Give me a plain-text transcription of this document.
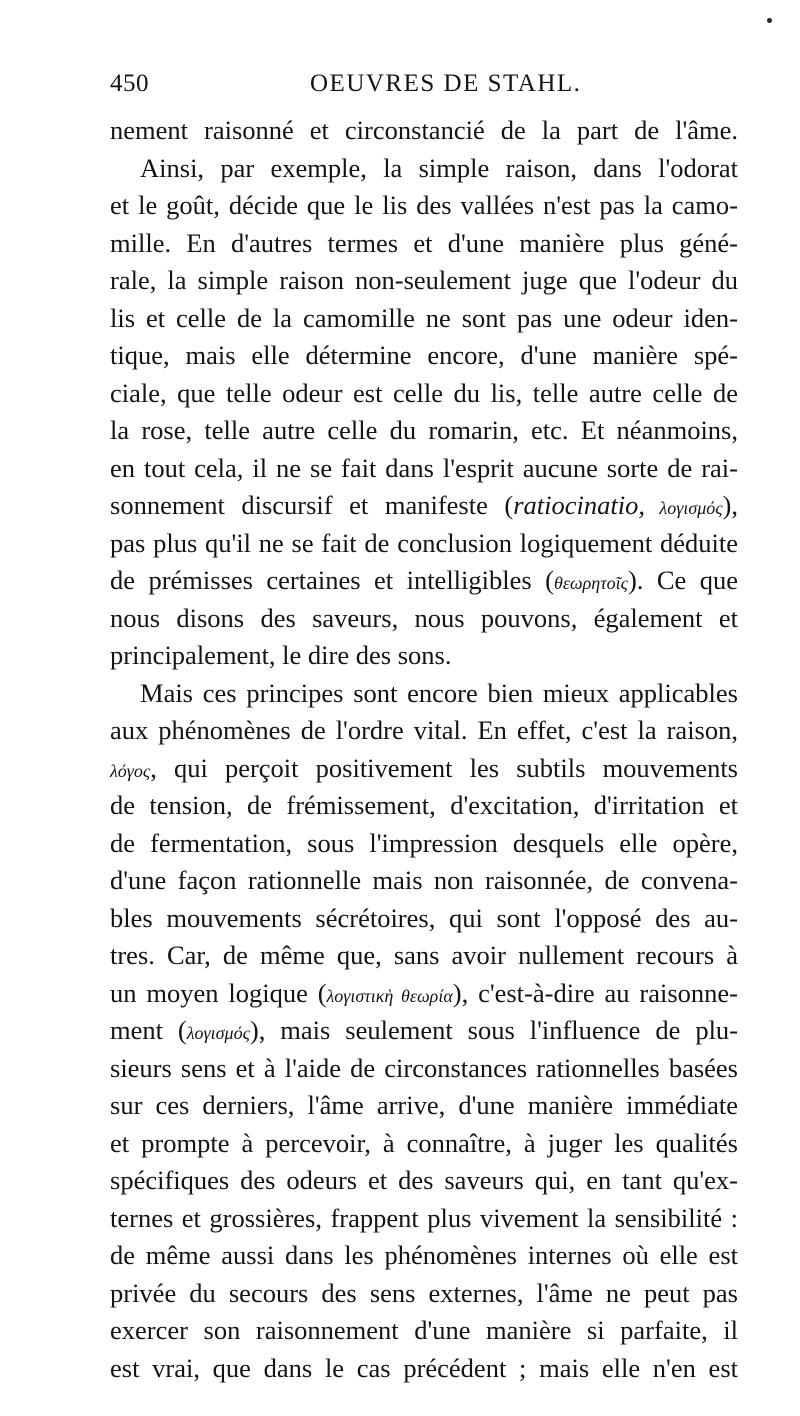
450	OEUVRES DE STAHL.
nement raisonné et circonstancié de la part de l'âme.
Ainsi, par exemple, la simple raison, dans l'odorat
et le goût, décide que le lis des vallées n'est pas la camo-
mille. En d'autres termes et d'une manière plus géné-
rale, la simple raison non-seulement juge que l'odeur du
lis et celle de la camomille ne sont pas une odeur iden-
tique, mais elle détermine encore, d'une manière spé-
ciale, que telle odeur est celle du lis, telle autre celle de
la rose, telle autre celle du romarin, etc. Et néanmoins,
en tout cela, il ne se fait dans l'esprit aucune sorte de rai-
sonnement discursif et manifeste (ratiocinatio, λογισμός),
pas plus qu'il ne se fait de conclusion logiquement déduite
de prémisses certaines et intelligibles (θεωρητοῖς). Ce que
nous disons des saveurs, nous pouvons, également et
principalement, le dire des sons.
Mais ces principes sont encore bien mieux applicables
aux phénomènes de l'ordre vital. En effet, c'est la raison,
λόγος, qui perçoit positivement les subtils mouvements
de tension, de frémissement, d'excitation, d'irritation et
de fermentation, sous l'impression desquels elle opère,
d'une façon rationnelle mais non raisonnée, de convena-
bles mouvements sécrétoires, qui sont l'opposé des au-
tres. Car, de même que, sans avoir nullement recours à
un moyen logique (λογιστικὴ θεωρία), c'est-à-dire au raisonne-
ment (λογισμός), mais seulement sous l'influence de plu-
sieurs sens et à l'aide de circonstances rationnelles basées
sur ces derniers, l'âme arrive, d'une manière immédiate
et prompte à percevoir, à connaître, à juger les qualités
spécifiques des odeurs et des saveurs qui, en tant qu'ex-
ternes et grossières, frappent plus vivement la sensibilité :
de même aussi dans les phénomènes internes où elle est
privée du secours des sens externes, l'âme ne peut pas
exercer son raisonnement d'une manière si parfaite, il
est vrai, que dans le cas précédent ; mais elle n'en est
